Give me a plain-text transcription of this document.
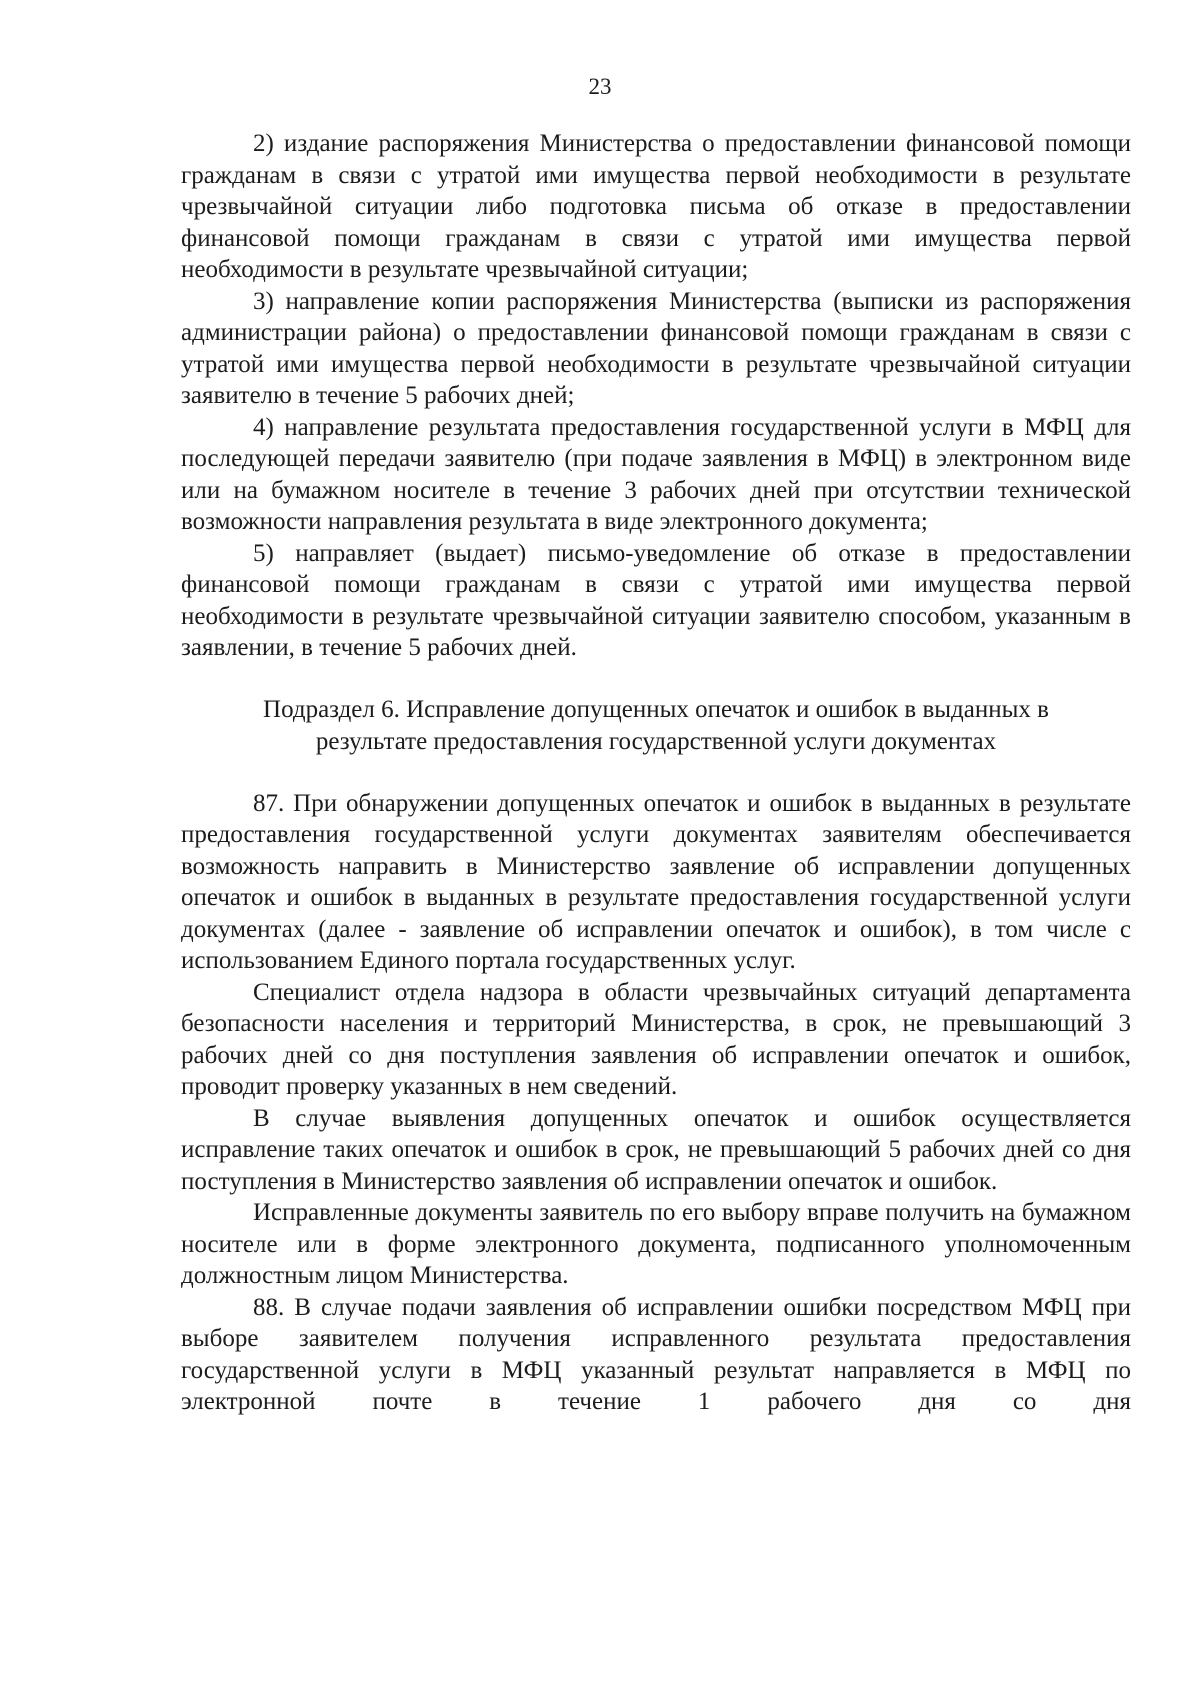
23

2) издание распоряжения Министерства о предоставлении финансовой помощи гражданам в связи с утратой ими имущества первой необходимости в результате чрезвычайной ситуации либо подготовка письма об отказе в предоставлении финансовой помощи гражданам в связи с утратой ими имущества первой необходимости в результате чрезвычайной ситуации;

3) направление копии распоряжения Министерства (выписки из распоряжения администрации района) о предоставлении финансовой помощи гражданам в связи с утратой ими имущества первой необходимости в результате чрезвычайной ситуации заявителю в течение 5 рабочих дней;

4) направление результата предоставления государственной услуги в МФЦ для последующей передачи заявителю (при подаче заявления в МФЦ) в электронном виде или на бумажном носителе в течение 3 рабочих дней при отсутствии технической возможности направления результата в виде электронного документа;

5) направляет (выдает) письмо-уведомление об отказе в предоставлении финансовой помощи гражданам в связи с утратой ими имущества первой необходимости в результате чрезвычайной ситуации заявителю способом, указанным в заявлении, в течение 5 рабочих дней.

Подраздел 6. Исправление допущенных опечаток и ошибок в выданных в
результате предоставления государственной услуги документах

87. При обнаружении допущенных опечаток и ошибок в выданных в результате предоставления государственной услуги документах заявителям обеспечивается возможность направить в Министерство заявление об исправлении допущенных опечаток и ошибок в выданных в результате предоставления государственной услуги документах (далее - заявление об исправлении опечаток и ошибок), в том числе с использованием Единого портала государственных услуг.

Специалист отдела надзора в области чрезвычайных ситуаций департамента безопасности населения и территорий Министерства, в срок, не превышающий 3 рабочих дней со дня поступления заявления об исправлении опечаток и ошибок, проводит проверку указанных в нем сведений.

В случае выявления допущенных опечаток и ошибок осуществляется исправление таких опечаток и ошибок в срок, не превышающий 5 рабочих дней со дня поступления в Министерство заявления об исправлении опечаток и ошибок.

Исправленные документы заявитель по его выбору вправе получить на бумажном носителе или в форме электронного документа, подписанного уполномоченным должностным лицом Министерства.

88. В случае подачи заявления об исправлении ошибки посредством МФЦ при выборе заявителем получения исправленного результата предоставления государственной услуги в МФЦ указанный результат направляется в МФЦ по электронной почте в течение 1 рабочего дня со дня
